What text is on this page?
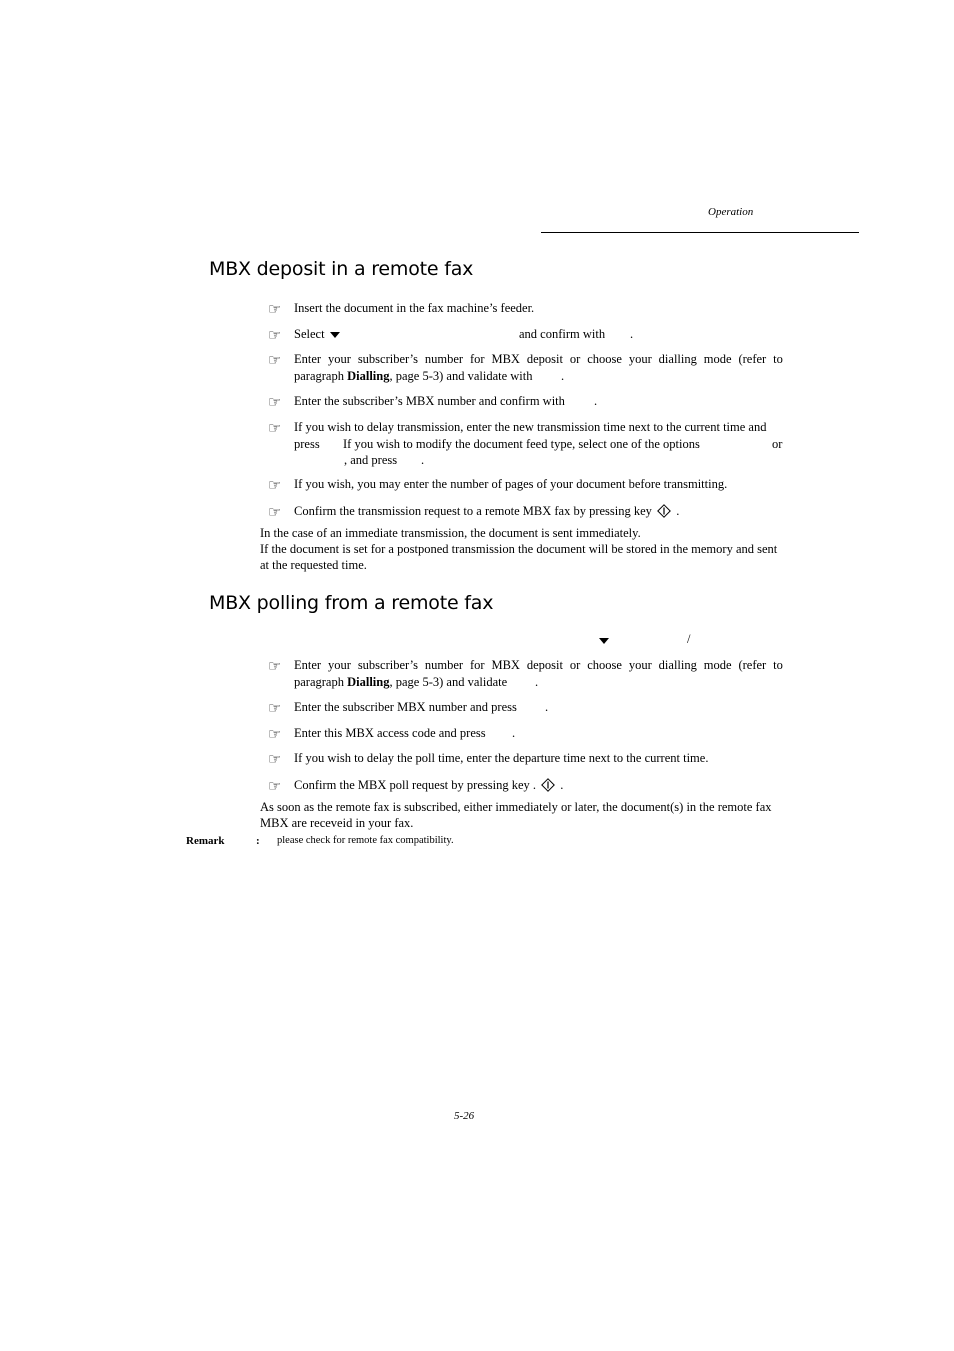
Operation
MBX deposit in a remote fax
☞ Insert the document in the fax machine’s feeder.
☞ Select	and confirm with .
☞ Enter your subscriber’s number for MBX deposit or choose your dialling mode (refer to
paragraph Dialling, page 5-3) and validate with	.
☞ Enter the subscriber’s MBX number and confirm with .
☞ If you wish to delay transmission, enter the new transmission time next to the current time and
press If you wish to modify the document feed type, select one of the options	or
, and press .
☞ If you wish, you may enter the number of pages of your document before transmitting.
☞ Confirm the transmission request to a remote MBX fax by pressing key .
In the case of an immediate transmission, the document is sent immediately.
If the document is set for a postponed transmission the document will be stored in the memory and sent at the requested time.
MBX polling from a remote fax
/
☞ Enter your subscriber’s number for MBX deposit or choose your dialling mode (refer to
paragraph Dialling, page 5-3) and validate	.
☞ Enter the subscriber MBX number and press .
☞ Enter this MBX access code and press .
☞ If you wish to delay the poll time, enter the departure time next to the current time.
☞ Confirm the MBX poll request by pressing key . .
As soon as the remote fax is subscribed, either immediately or later, the document(s) in the remote fax MBX are receveid in your fax.
Remark	: please check for remote fax compatibility.
5-26
